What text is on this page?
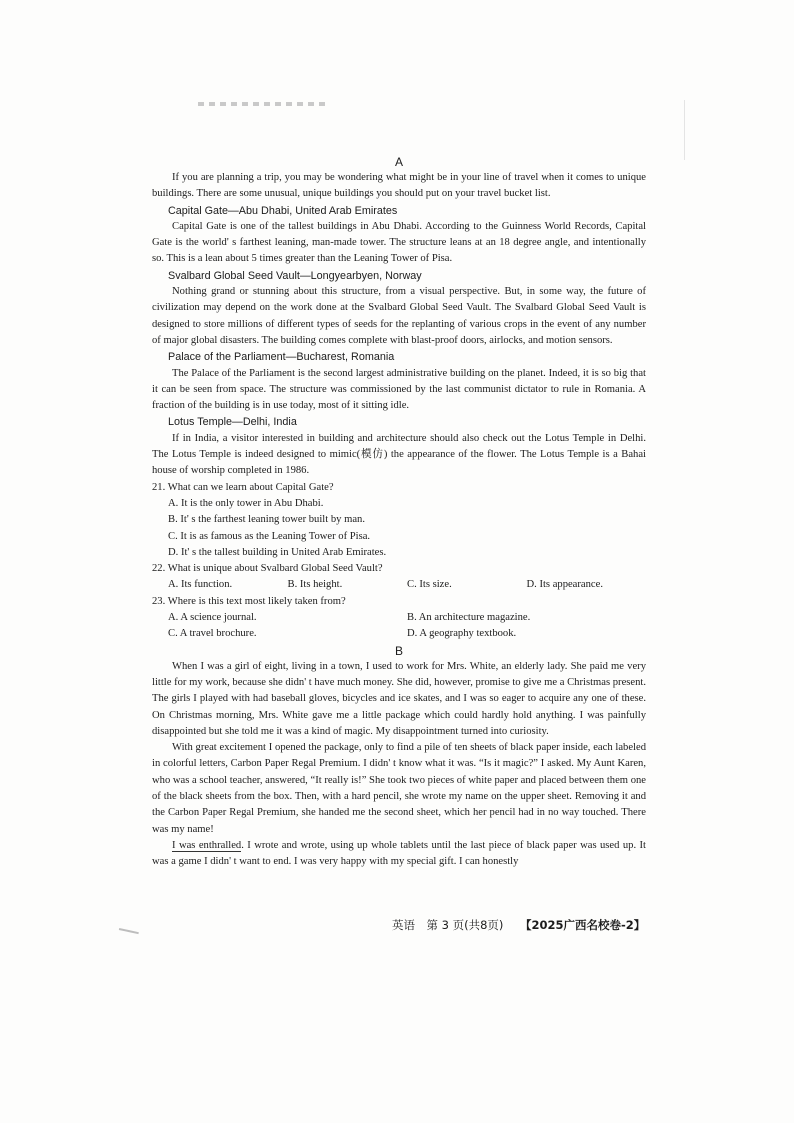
A

If you are planning a trip, you may be wondering what might be in your line of travel when it comes to unique buildings. There are some unusual, unique buildings you should put on your travel bucket list.

Capital Gate—Abu Dhabi, United Arab Emirates

Capital Gate is one of the tallest buildings in Abu Dhabi. According to the Guinness World Records, Capital Gate is the world' s farthest leaning, man-made tower. The structure leans at an 18 degree angle, and intentionally so. This is a lean about 5 times greater than the Leaning Tower of Pisa.

Svalbard Global Seed Vault—Longyearbyen, Norway

Nothing grand or stunning about this structure, from a visual perspective. But, in some way, the future of civilization may depend on the work done at the Svalbard Global Seed Vault. The Svalbard Global Seed Vault is designed to store millions of different types of seeds for the replanting of various crops in the event of any number of major global disasters. The building comes complete with blast-proof doors, airlocks, and motion sensors.

Palace of the Parliament—Bucharest, Romania

The Palace of the Parliament is the second largest administrative building on the planet. Indeed, it is so big that it can be seen from space. The structure was commissioned by the last communist dictator to rule in Romania. A fraction of the building is in use today, most of it sitting idle.

Lotus Temple—Delhi, India

If in India, a visitor interested in building and architecture should also check out the Lotus Temple in Delhi. The Lotus Temple is indeed designed to mimic(模仿) the appearance of the flower. The Lotus Temple is a Bahai house of worship completed in 1986.

21. What can we learn about Capital Gate?
A. It is the only tower in Abu Dhabi.
B. It' s the farthest leaning tower built by man.
C. It is as famous as the Leaning Tower of Pisa.
D. It' s the tallest building in United Arab Emirates.
22. What is unique about Svalbard Global Seed Vault?
A. Its function.	B. Its height.	C. Its size.	D. Its appearance.
23. Where is this text most likely taken from?
A. A science journal.	B. An architecture magazine.
C. A travel brochure.	D. A geography textbook.
B

When I was a girl of eight, living in a town, I used to work for Mrs. White, an elderly lady. She paid me very little for my work, because she didn' t have much money. She did, however, promise to give me a Christmas present. The girls I played with had baseball gloves, bicycles and ice skates, and I was so eager to acquire any one of these. On Christmas morning, Mrs. White gave me a little package which could hardly hold anything. I was painfully disappointed but she told me it was a kind of magic. My disappointment turned into curiosity.

With great excitement I opened the package, only to find a pile of ten sheets of black paper inside, each labeled in colorful letters, Carbon Paper Regal Premium. I didn' t know what it was. “Is it magic?” I asked. My Aunt Karen, who was a school teacher, answered, “It really is!” She took two pieces of white paper and placed between them one of the black sheets from the box. Then, with a hard pencil, she wrote my name on the upper sheet. Removing it and the Carbon Paper Regal Premium, she handed me the second sheet, which her pencil had in no way touched. There was my name!

I was enthralled. I wrote and wrote, using up whole tablets until the last piece of black paper was used up. It was a game I didn' t want to end. I was very happy with my special gift. I can honestly

英语　第 3 页(共8页) 【2025广西名校卷-2】
